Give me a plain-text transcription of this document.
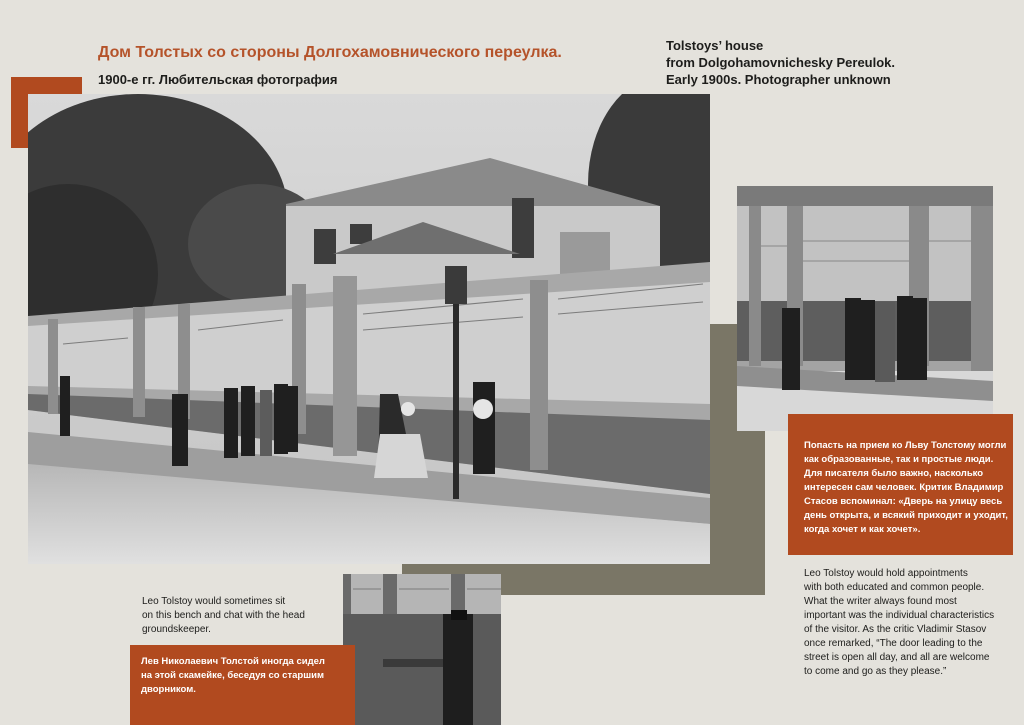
Дом Толстых со стороны Долгохамовнического переулка.
1900-е гг. Любительская фотография
Tolstoys’ house
from Dolgohamovnichesky Pereulok.
Early 1900s. Photographer unknown
Leo Tolstoy would sometimes sit
on this bench and chat with the head
groundskeeper.
Лев Николаевич Толстой иногда сидел
на этой скамейке, беседуя со старшим
дворником.
Попасть на прием ко Льву Толстому могли
как образованные, так и простые люди.
Для писателя было важно, насколько
интересен сам человек. Критик Владимир
Стасов вспоминал: «Дверь на улицу весь
день открыта, и всякий приходит и уходит,
когда хочет и как хочет».
Leo Tolstoy would hold appointments
with both educated and common people.
What the writer always found most
important was the individual characteristics
of the visitor. As the critic Vladimir Stasov
once remarked, “The door leading to the
street is open all day, and all are welcome
to come and go as they please.”
